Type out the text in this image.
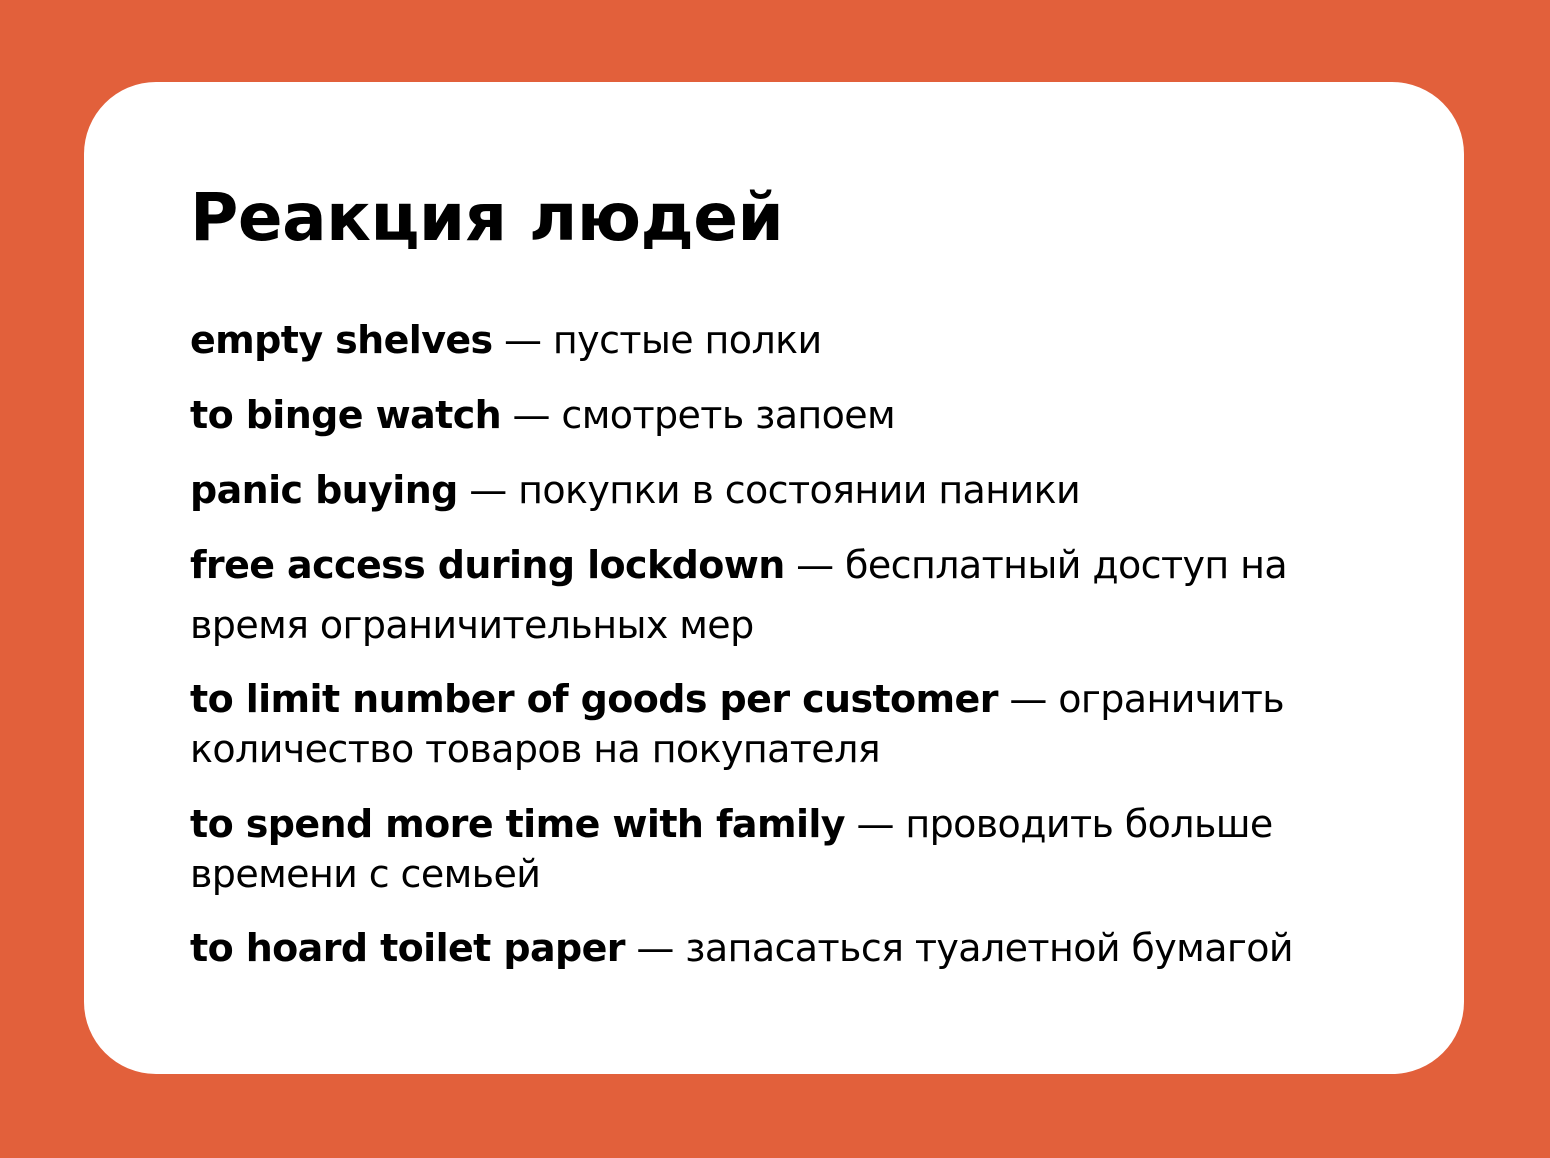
Реакция людей
empty shelves — пустые полки
to binge watch — смотреть запоем
panic buying — покупки в состоянии паники
free access during lockdown — бесплатный доступ на время ограничительных мер
to limit number of goods per customer — ограничить количество товаров на покупателя
to spend more time with family — проводить больше времени с семьей
to hoard toilet paper — запасаться туалетной бумагой
